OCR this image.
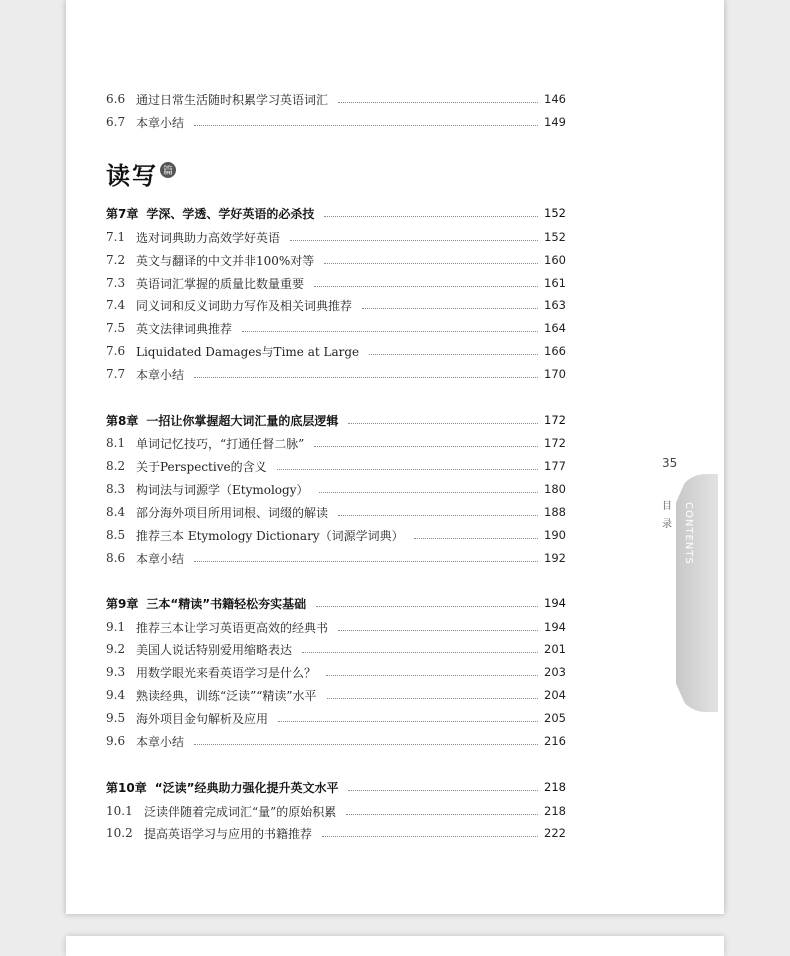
6.6 通过日常生活随时积累学习英语词汇	146
6.7 本章小结	149
第7章 学深、学透、学好英语的必杀技	152
7.1 选对词典助力高效学好英语	152
7.2 英文与翻译的中文并非100%对等	160
7.3 英语词汇掌握的质量比数量重要	161
7.4 同义词和反义词助力写作及相关词典推荐	163
7.5 英文法律词典推荐	164
7.6 Liquidated Damages与Time at Large	166
7.7 本章小结	170
第8章 一招让你掌握超大词汇量的底层逻辑	172
8.1 单词记忆技巧，“打通任督二脉”	172
8.2 关于Perspective的含义	177
8.3 构词法与词源学（Etymology）	180
8.4 部分海外项目所用词根、词缀的解读	188
8.5 推荐三本 Etymology Dictionary（词源学词典）	190
8.6 本章小结	192
第9章 三本“精读”书籍轻松夯实基础	194
9.1 推荐三本让学习英语更高效的经典书	194
9.2 美国人说话特别爱用缩略表达	201
9.3 用数学眼光来看英语学习是什么？	203
9.4 熟读经典，训练“泛读”“精读”水平	204
9.5 海外项目金句解析及应用	205
9.6 本章小结	216
第10章 “泛读”经典助力强化提升英文水平	218
10.1 泛读伴随着完成词汇“量”的原始积累	218
10.2 提高英语学习与应用的书籍推荐	222
读写 篇
CONTENTS
35
目录
